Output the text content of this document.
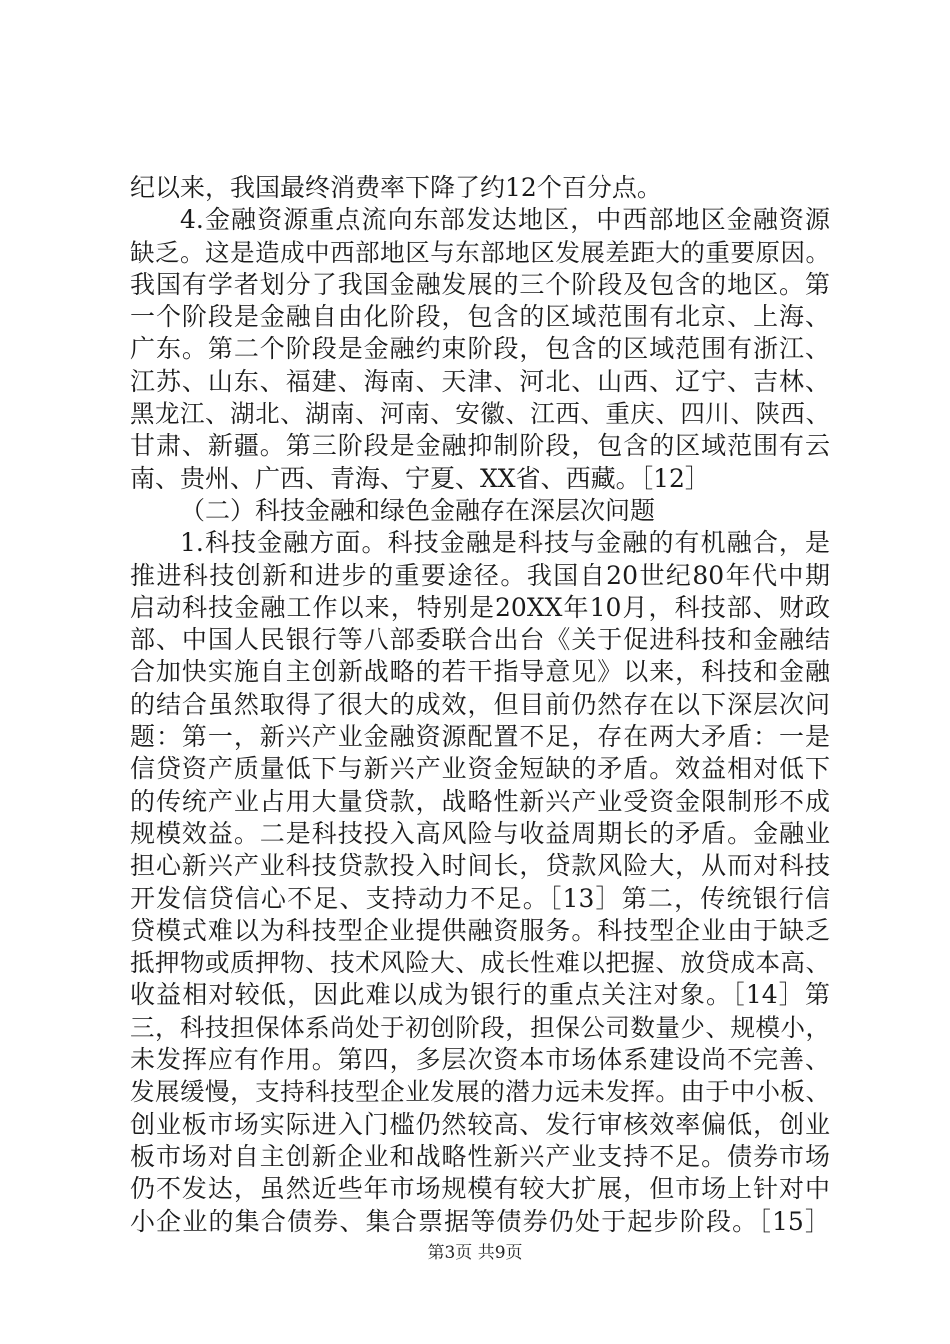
纪以来，我国最终消费率下降了约12个百分点。
4.金融资源重点流向东部发达地区，中西部地区金融资源
缺乏。这是造成中西部地区与东部地区发展差距大的重要原因。
我国有学者划分了我国金融发展的三个阶段及包含的地区。第
一个阶段是金融自由化阶段，包含的区域范围有北京、上海、
广东。第二个阶段是金融约束阶段，包含的区域范围有浙江、
江苏、山东、福建、海南、天津、河北、山西、辽宁、吉林、
黑龙江、湖北、湖南、河南、安徽、江西、重庆、四川、陕西、
甘肃、新疆。第三阶段是金融抑制阶段，包含的区域范围有云
南、贵州、广西、青海、宁夏、XX省、西藏。［12］
（二）科技金融和绿色金融存在深层次问题
1.科技金融方面。科技金融是科技与金融的有机融合，是
推进科技创新和进步的重要途径。我国自20世纪80年代中期
启动科技金融工作以来，特别是20XX年10月，科技部、财政
部、中国人民银行等八部委联合出台《关于促进科技和金融结
合加快实施自主创新战略的若干指导意见》以来，科技和金融
的结合虽然取得了很大的成效，但目前仍然存在以下深层次问
题：第一，新兴产业金融资源配置不足，存在两大矛盾：一是
信贷资产质量低下与新兴产业资金短缺的矛盾。效益相对低下
的传统产业占用大量贷款，战略性新兴产业受资金限制形不成
规模效益。二是科技投入高风险与收益周期长的矛盾。金融业
担心新兴产业科技贷款投入时间长，贷款风险大，从而对科技
开发信贷信心不足、支持动力不足。［13］第二，传统银行信
贷模式难以为科技型企业提供融资服务。科技型企业由于缺乏
抵押物或质押物、技术风险大、成长性难以把握、放贷成本高、
收益相对较低，因此难以成为银行的重点关注对象。［14］第
三，科技担保体系尚处于初创阶段，担保公司数量少、规模小，
未发挥应有作用。第四，多层次资本市场体系建设尚不完善、
发展缓慢，支持科技型企业发展的潜力远未发挥。由于中小板、
创业板市场实际进入门槛仍然较高、发行审核效率偏低，创业
板市场对自主创新企业和战略性新兴产业支持不足。债券市场
仍不发达，虽然近些年市场规模有较大扩展，但市场上针对中
小企业的集合债券、集合票据等债券仍处于起步阶段。［15］
第3页 共9页
